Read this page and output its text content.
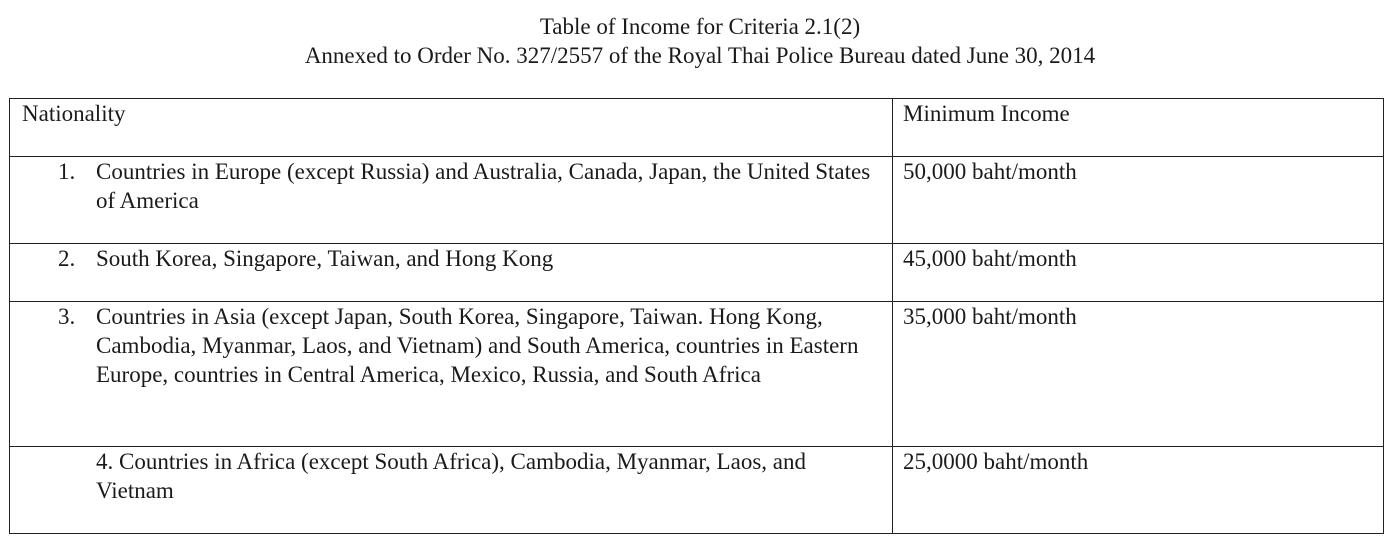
Table of Income for Criteria 2.1(2)
Annexed to Order No. 327/2557 of the Royal Thai Police Bureau dated June 30, 2014
Nationality	Minimum Income

1. Countries in Europe (except Russia) and Australia, Canada, Japan, the United States of America	50,000 baht/month

2. South Korea, Singapore, Taiwan, and Hong Kong	45,000 baht/month

3. Countries in Asia (except Japan, South Korea, Singapore, Taiwan. Hong Kong, Cambodia, Myanmar, Laos, and Vietnam) and South America, countries in Eastern Europe, countries in Central America, Mexico, Russia, and South Africa	35,000 baht/month

4. Countries in Africa (except South Africa), Cambodia, Myanmar, Laos, and Vietnam	25,0000 baht/month
